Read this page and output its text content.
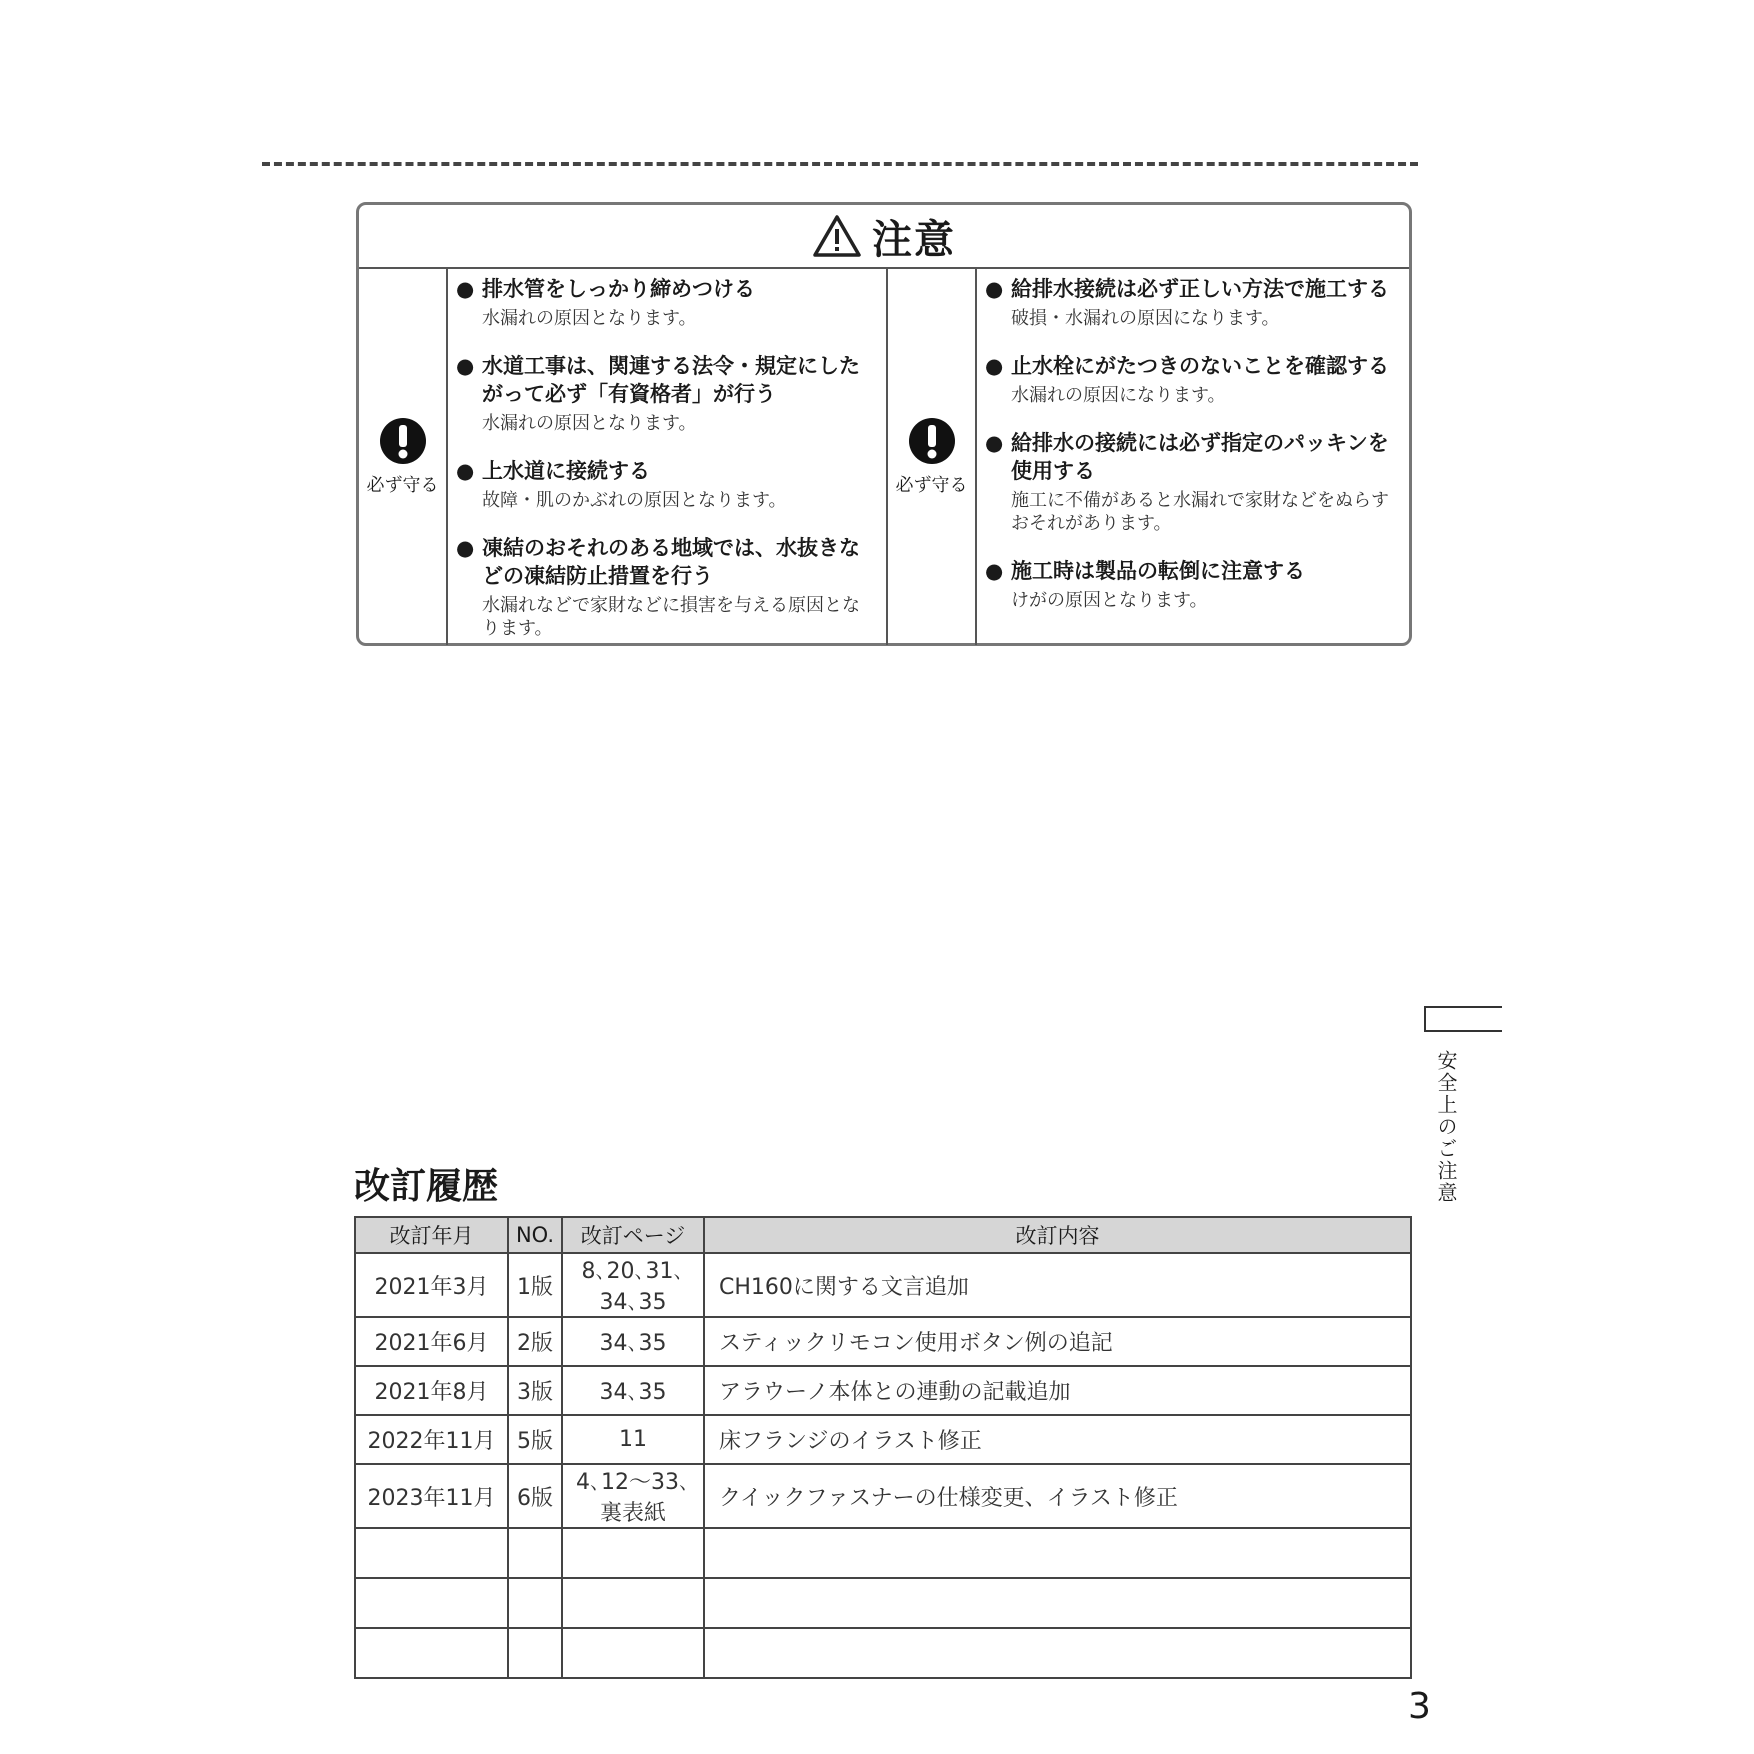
注意
必ず守る
● 排水管をしっかり締めつける
水漏れの原因となります。
● 水道工事は、関連する法令・規定にしたがって必ず「有資格者」が行う
水漏れの原因となります。
● 上水道に接続する
故障・肌のかぶれの原因となります。
● 凍結のおそれのある地域では、水抜きなどの凍結防止措置を行う
水漏れなどで家財などに損害を与える原因となります。
必ず守る
● 給排水接続は必ず正しい方法で施工する
破損・水漏れの原因になります。
● 止水栓にがたつきのないことを確認する
水漏れの原因になります。
● 給排水の接続には必ず指定のパッキンを使用する
施工に不備があると水漏れで家財などをぬらすおそれがあります。
● 施工時は製品の転倒に注意する
けがの原因となります。
安全上のご注意
改訂履歴
改訂年月	NO.	改訂ページ	改訂内容
2021年3月	1版	8､20､31､34､35	CH160に関する文言追加
2021年6月	2版	34､35	スティックリモコン使用ボタン例の追記
2021年8月	3版	34､35	アラウーノ本体との連動の記載追加
2022年11月	5版	11	床フランジのイラスト修正
2023年11月	6版	4､12〜33､裏表紙	クイックファスナーの仕様変更、イラスト修正

3
